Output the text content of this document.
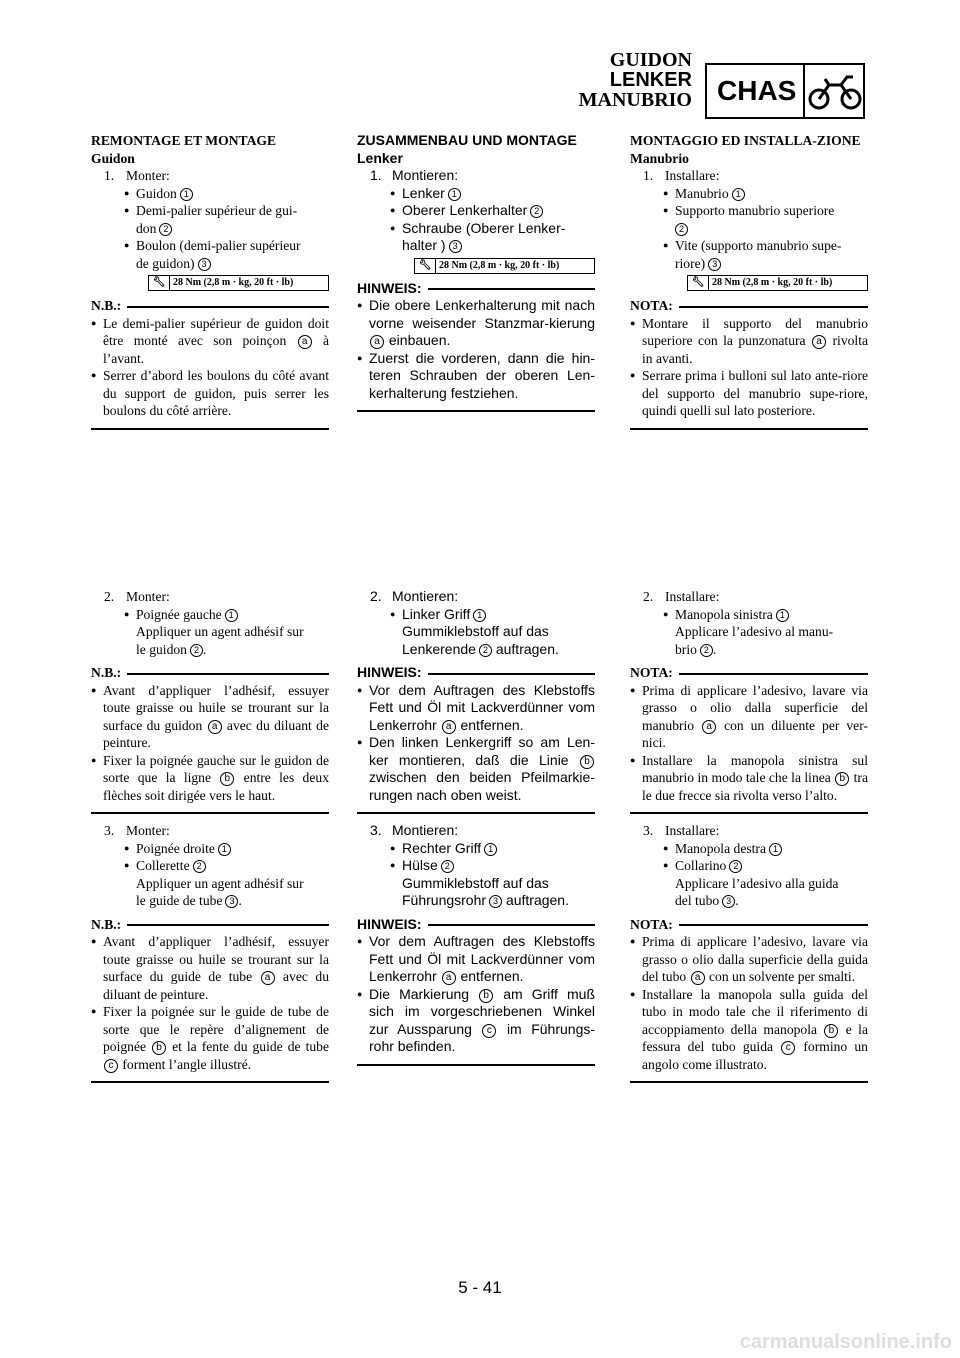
GUIDON
LENKER
MANUBRIO CHAS
REMONTAGE ET MONTAGE
Guidon
1. Monter:
● Guidon 1
● Demi-palier supérieur de gui-
don 2
● Boulon (demi-palier supérieur
de guidon) 3
🔧︎ 28 Nm (2,8 m · kg, 20 ft · lb)
N.B.:
● Le demi-palier supérieur de guidon doit être monté avec son poinçon a à l’avant.
● Serrer d’abord les boulons du côté avant du support de guidon, puis serrer les boulons du côté arrière.
2. Monter:
● Poignée gauche 1
Appliquer un agent adhésif sur
le guidon 2 .
N.B.:
● Avant d’appliquer l’adhésif, essuyer toute graisse ou huile se trourant sur la surface du guidon a avec du diluant de peinture.
● Fixer la poignée gauche sur le guidon de sorte que la ligne b entre les deux flèches soit dirigée vers le haut.
3. Monter:
● Poignée droite 1
● Collerette 2
Appliquer un agent adhésif sur
le guide de tube 3 .
N.B.:
● Avant d’appliquer l’adhésif, essuyer toute graisse ou huile se trourant sur la surface du guide de tube a avec du diluant de peinture.
● Fixer la poignée sur le guide de tube de sorte que le repère d’alignement de poignée b et la fente du guide de tube c forment l’angle illustré.
ZUSAMMENBAU UND MONTAGE
Lenker
1. Montieren:
● Lenker 1
● Oberer Lenkerhalter 2
● Schraube (Oberer Lenker-
halter ) 3
🔧︎ 28 Nm (2,8 m · kg, 20 ft · lb)
HINWEIS:
● Die obere Lenkerhalterung mit nach vorne weisender Stanzmar-kierung a einbauen.
● Zuerst die vorderen, dann die hin-teren Schrauben der oberen Len-kerhalterung festziehen.
2. Montieren:
● Linker Griff 1
Gummiklebstoff auf das
Lenkerende 2 auftragen.
HINWEIS:
● Vor dem Auftragen des Klebstoffs Fett und Öl mit Lackverdünner vom Lenkerrohr a entfernen.
● Den linken Lenkergriff so am Len-ker montieren, daß die Linie b zwischen den beiden Pfeilmarkie-rungen nach oben weist.
3. Montieren:
● Rechter Griff 1
● Hülse 2
Gummiklebstoff auf das
Führungsrohr 3 auftragen.
HINWEIS:
● Vor dem Auftragen des Klebstoffs Fett und Öl mit Lackverdünner vom Lenkerrohr a entfernen.
● Die Markierung b am Griff muß sich im vorgeschriebenen Winkel zur Aussparung c im Führungs-rohr befinden.
MONTAGGIO ED INSTALLA-ZIONE
Manubrio
1. Installare:
● Manubrio 1
● Supporto manubrio superiore
2
● Vite (supporto manubrio supe-
riore) 3
🔧︎ 28 Nm (2,8 m · kg, 20 ft · lb)
NOTA:
● Montare il supporto del manubrio superiore con la punzonatura a rivolta in avanti.
● Serrare prima i bulloni sul lato ante-riore del supporto del manubrio supe-riore, quindi quelli sul lato posteriore.
2. Installare:
● Manopola sinistra 1
Applicare l’adesivo al manu-
brio 2 .
NOTA:
● Prima di applicare l’adesivo, lavare via grasso o olio dalla superficie del manubrio a con un diluente per ver-nici.
● Installare la manopola sinistra sul manubrio in modo tale che la linea b tra le due frecce sia rivolta verso l’alto.
3. Installare:
● Manopola destra 1
● Collarino 2
Applicare l’adesivo alla guida
del tubo 3 .
NOTA:
● Prima di applicare l’adesivo, lavare via grasso o olio dalla superficie della guida del tubo a con un solvente per smalti.
● Installare la manopola sulla guida del tubo in modo tale che il riferimento di accoppiamento della manopola b e la fessura del tubo guida c formino un angolo come illustrato.
5 - 41
carmanualsonline.info
